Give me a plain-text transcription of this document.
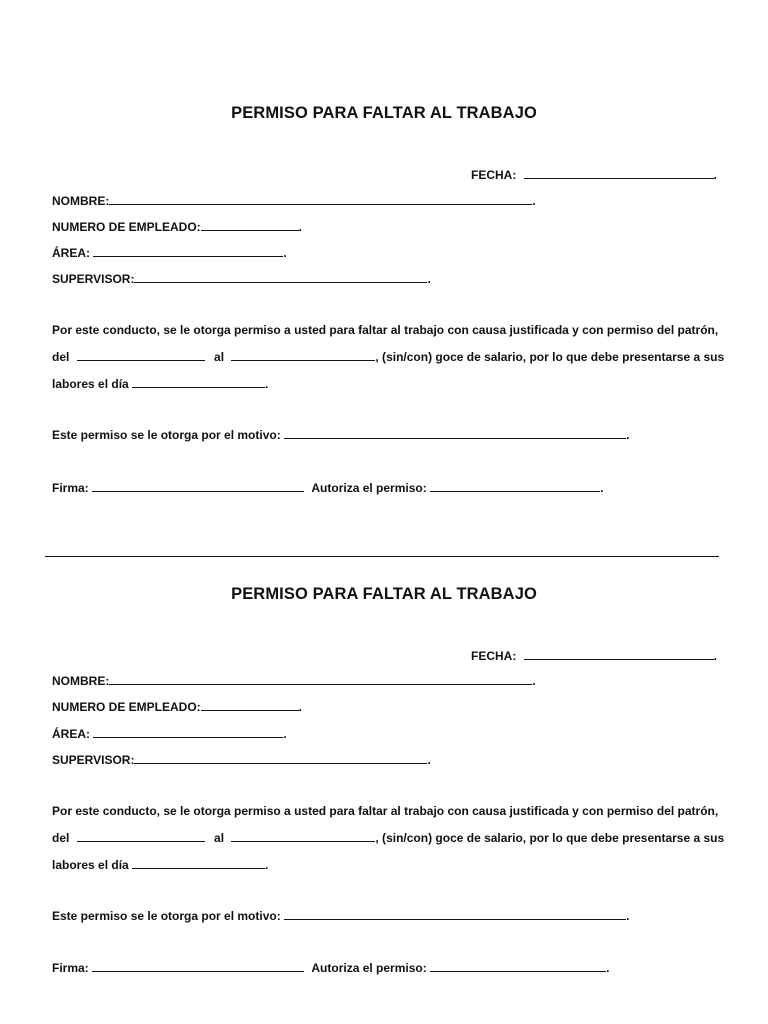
PERMISO PARA FALTAR AL TRABAJO
FECHA:	.
NOMBRE:	.
NUMERO DE EMPLEADO:	.
ÁREA:	.
SUPERVISOR:	.
Por este conducto, se le otorga permiso a usted para faltar al trabajo con causa justificada y con permiso del patrón,
del	al	, (sin/con) goce de salario, por lo que debe presentarse a sus
labores el día	.
Este permiso se le otorga por el motivo:	.
Firma:	Autoriza el permiso:	.
PERMISO PARA FALTAR AL TRABAJO
FECHA:	.
NOMBRE:	.
NUMERO DE EMPLEADO:	.
ÁREA:	.
SUPERVISOR:	.
Por este conducto, se le otorga permiso a usted para faltar al trabajo con causa justificada y con permiso del patrón,
del	al	, (sin/con) goce de salario, por lo que debe presentarse a sus
labores el día	.
Este permiso se le otorga por el motivo:	.
Firma:	Autoriza el permiso:	.
